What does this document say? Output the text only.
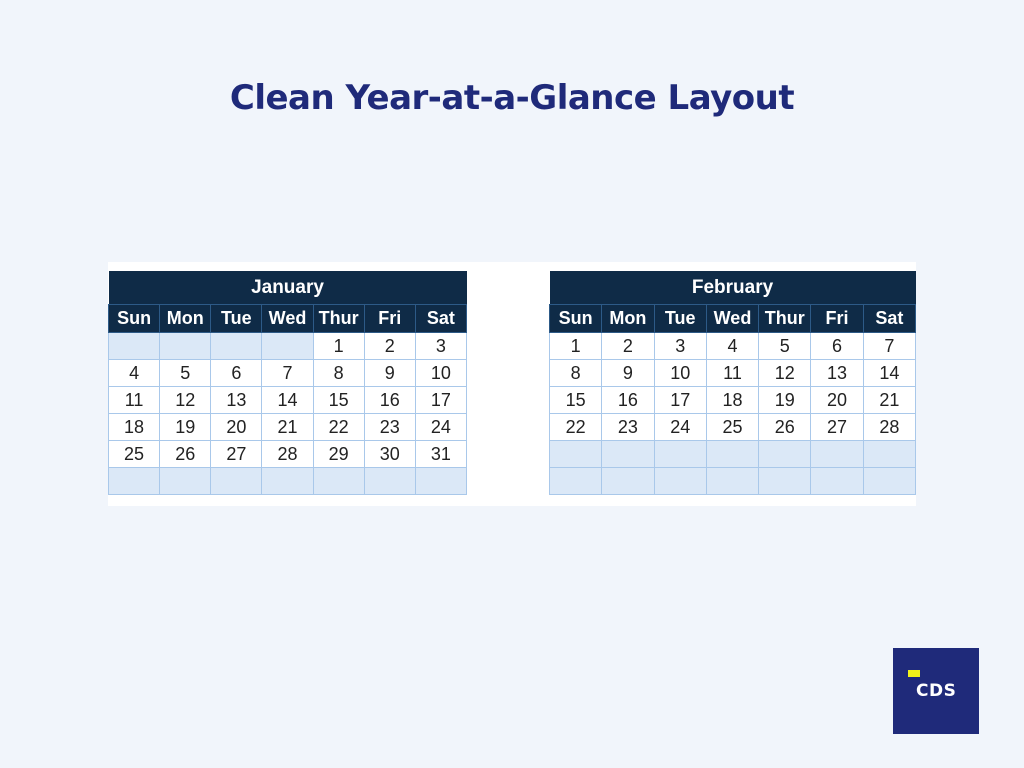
Clean Year-at-a-Glance Layout
January						
Sun	Mon	Tue	Wed	Thur	Fri	Sat
				1	2	3
4	5	6	7	8	9	10
11	12	13	14	15	16	17
18	19	20	21	22	23	24
25	26	27	28	29	30	31

February						
Sun	Mon	Tue	Wed	Thur	Fri	Sat
1	2	3	4	5	6	7
8	9	10	11	12	13	14
15	16	17	18	19	20	21
22	23	24	25	26	27	28

CDS
